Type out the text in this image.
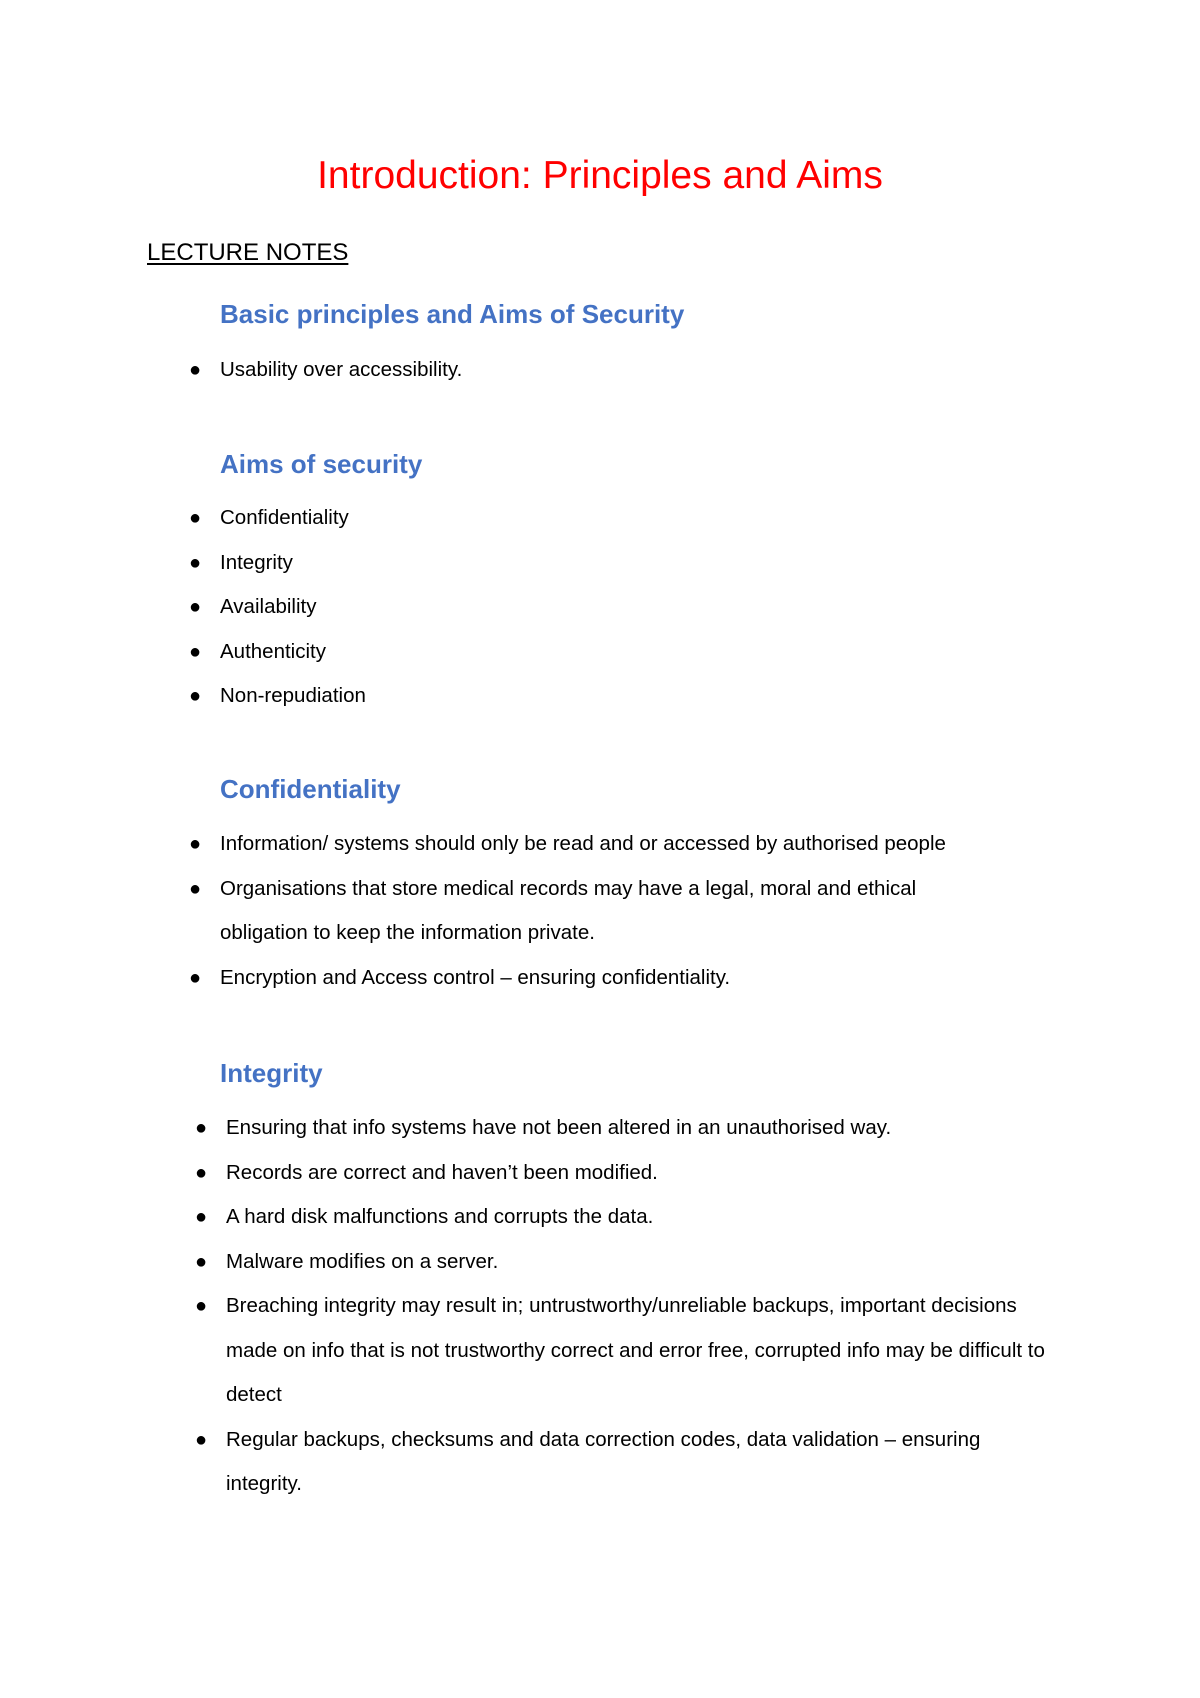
Introduction: Principles and Aims
LECTURE NOTES
Basic principles and Aims of Security
● Usability over accessibility.
Aims of security
● Confidentiality
● Integrity
● Availability
● Authenticity
● Non-repudiation
Confidentiality
● Information/ systems should only be read and or accessed by authorised people
● Organisations that store medical records may have a legal, moral and ethical obligation to keep the information private.
● Encryption and Access control – ensuring confidentiality.
Integrity
● Ensuring that info systems have not been altered in an unauthorised way.
● Records are correct and haven’t been modified.
● A hard disk malfunctions and corrupts the data.
● Malware modifies on a server.
● Breaching integrity may result in; untrustworthy/unreliable backups, important decisions made on info that is not trustworthy correct and error free, corrupted info may be difficult to detect
● Regular backups, checksums and data correction codes, data validation – ensuring integrity.
